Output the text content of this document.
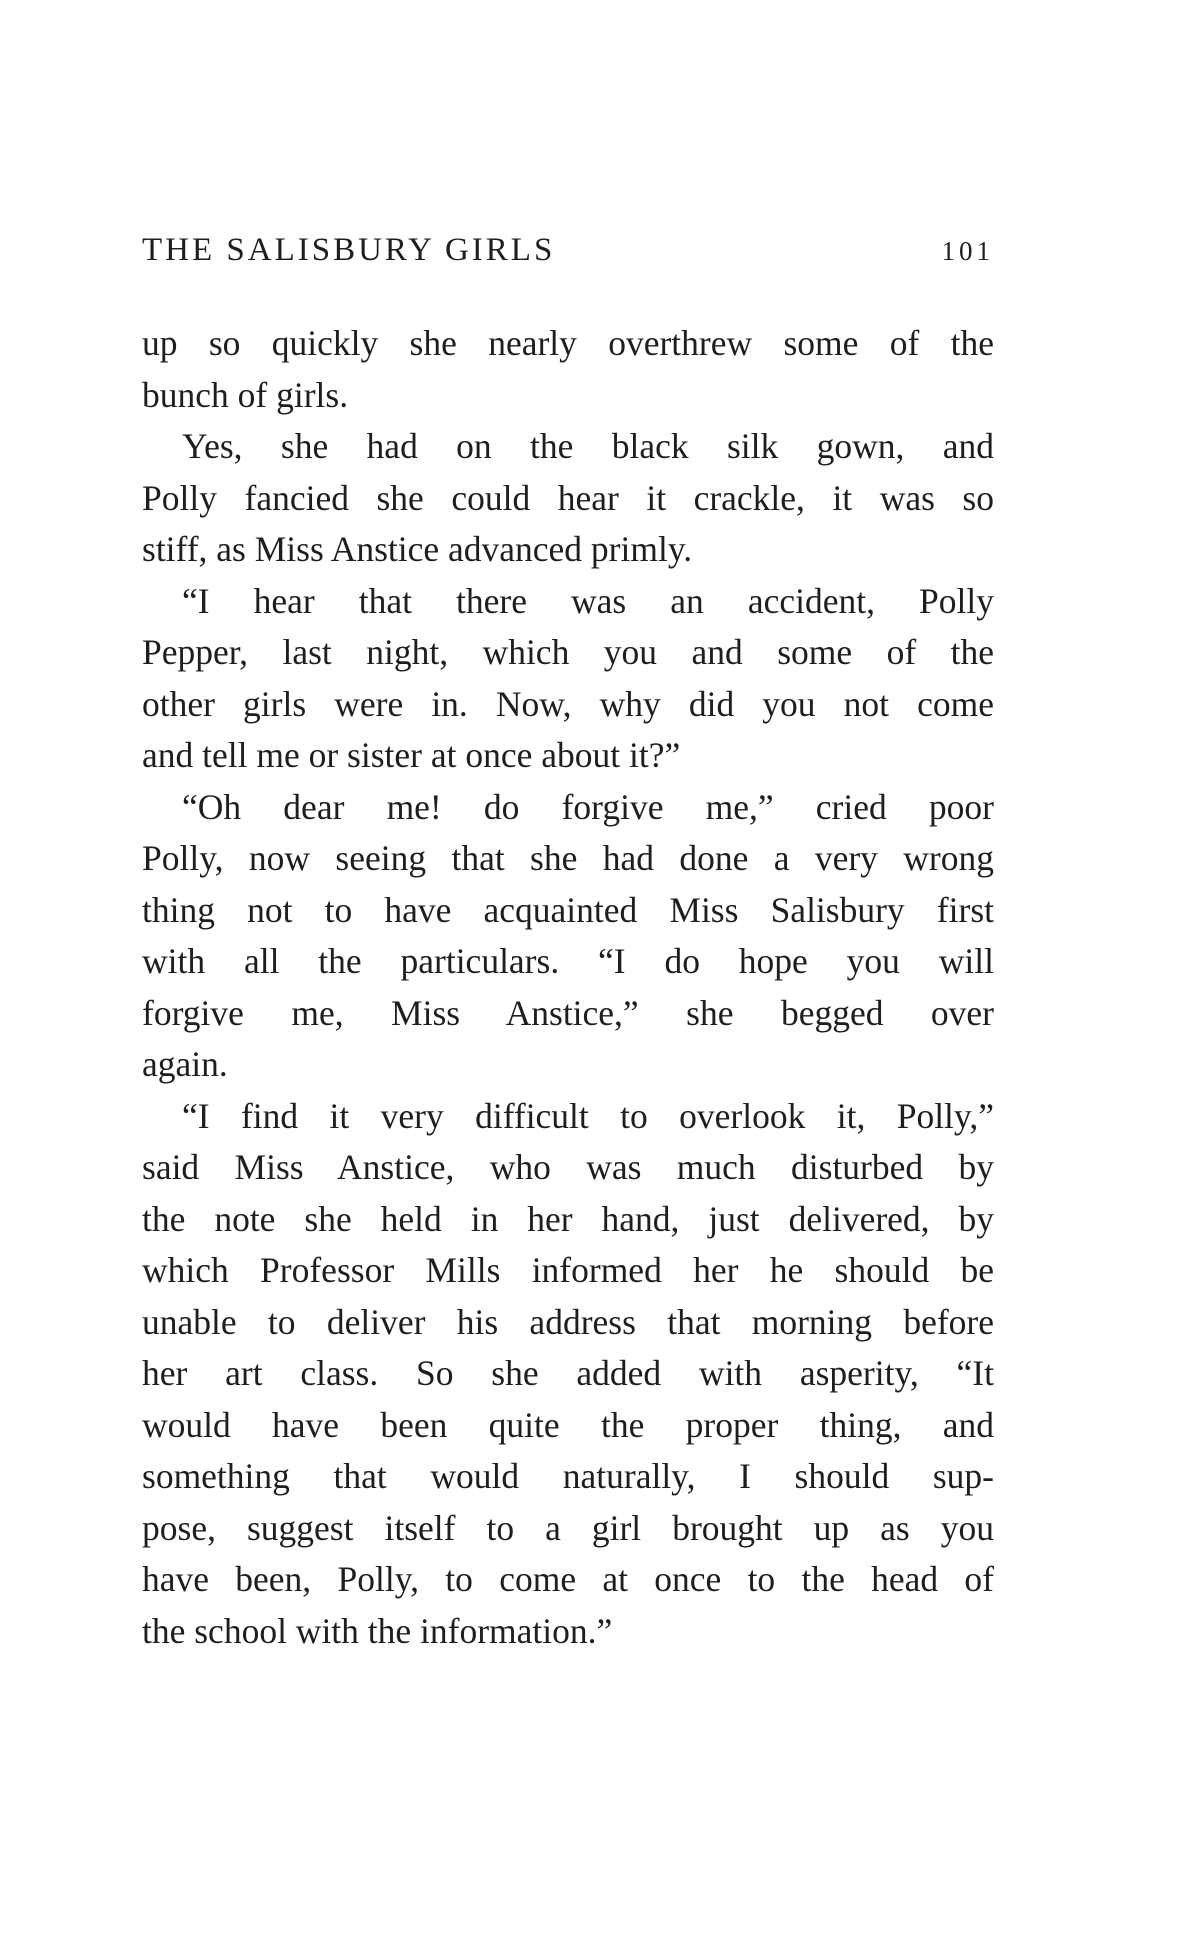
THE SALISBURY GIRLS	101

up so quickly she nearly overthrew some of the
bunch of girls.

Yes, she had on the black silk gown, and
Polly fancied she could hear it crackle, it was so
stiff, as Miss Anstice advanced primly.

“I hear that there was an accident, Polly
Pepper, last night, which you and some of the
other girls were in. Now, why did you not come
and tell me or sister at once about it?”

“Oh dear me! do forgive me,” cried poor
Polly, now seeing that she had done a very wrong
thing not to have acquainted Miss Salisbury first
with all the particulars. “I do hope you will
forgive me, Miss Anstice,” she begged over
again.

“I find it very difficult to overlook it, Polly,”
said Miss Anstice, who was much disturbed by
the note she held in her hand, just delivered, by
which Professor Mills informed her he should be
unable to deliver his address that morning before
her art class. So she added with asperity, “It
would have been quite the proper thing, and
something that would naturally, I should sup-
pose, suggest itself to a girl brought up as you
have been, Polly, to come at once to the head of
the school with the information.”
